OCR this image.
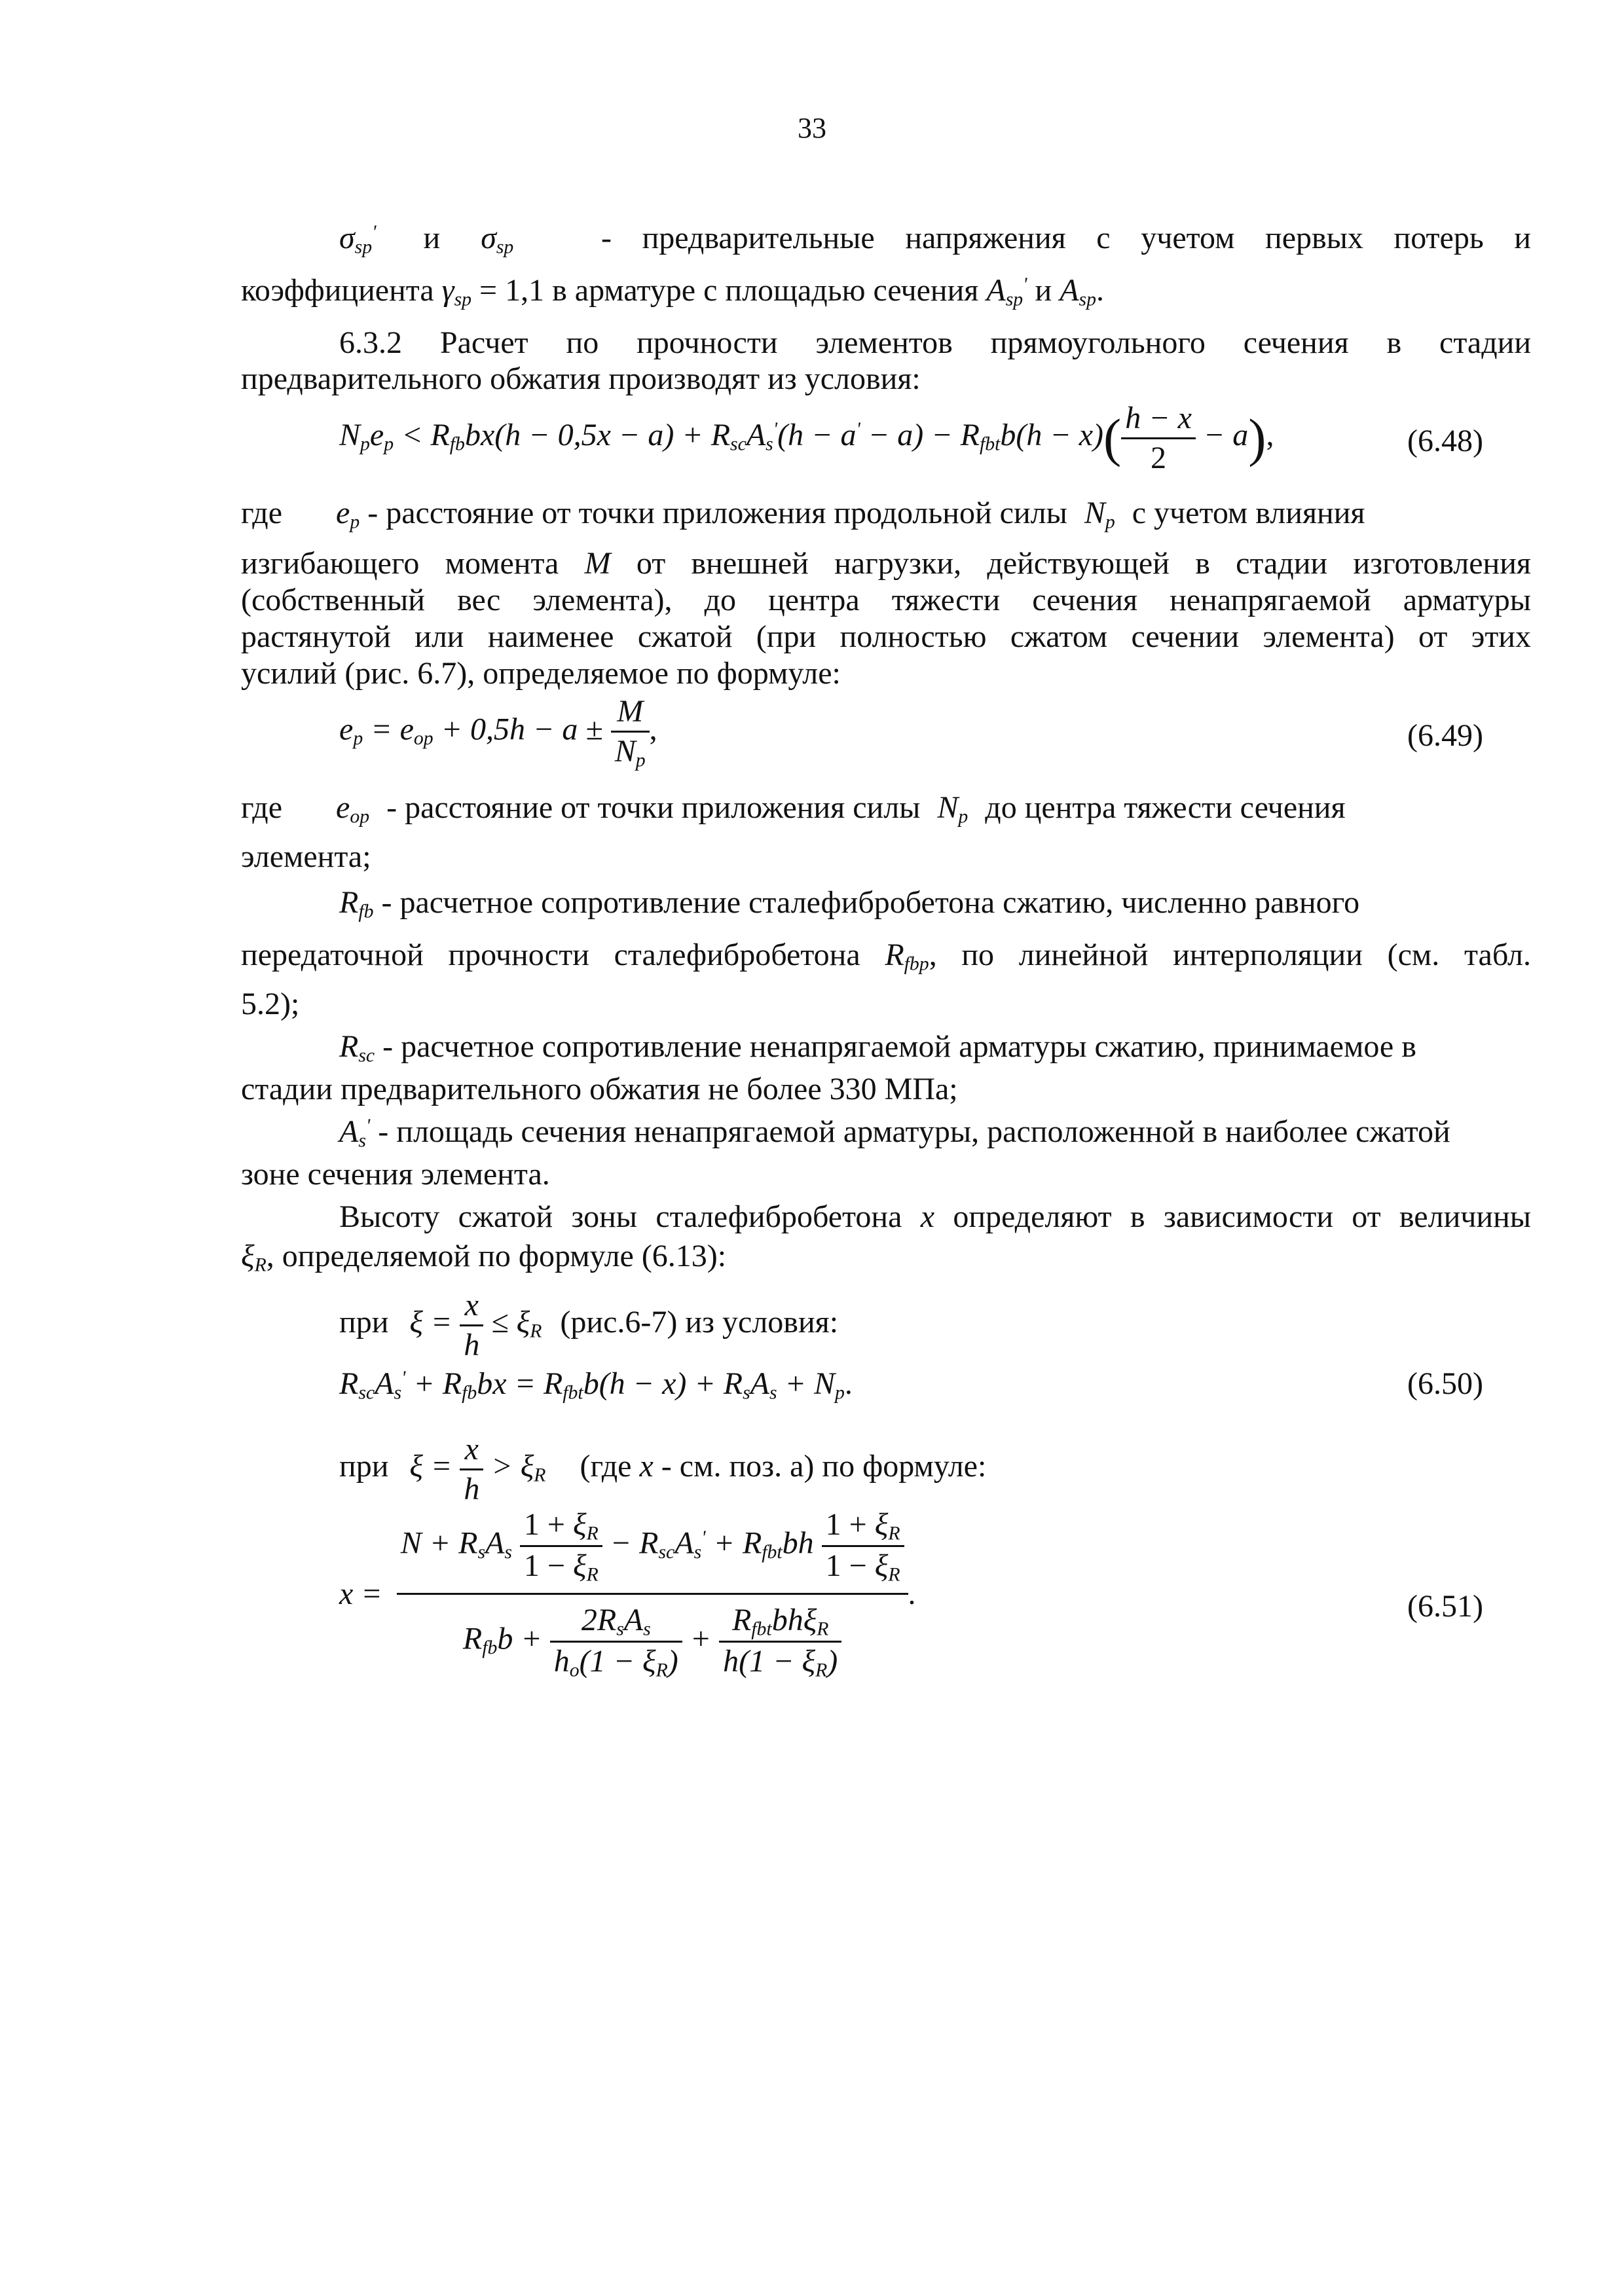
33
$\sigma_{sp}'$ и $\sigma_{sp}$	- предварительные напряжения с учетом первых потерь и
коэффициента $\gamma_{sp} = 1,1$ в арматуре с площадью сечения $A_{sp}'$ и $A_{sp}$.
6.3.2 Расчет по прочности элементов прямоугольного сечения в стадии
предварительного обжатия производят из условия:
$N_pe_p < R_{fb}bx(h - 0,5x - a) + R_{sc}A_s'(h - a' - a) - R_{fbt}b(h - x)( \frac{h - x}{2} - a)$,	(6.48)
где $e_p$ - расстояние от точки приложения продольной силы $N_p$ с учетом влияния
изгибающего момента M от внешней нагрузки, действующей в стадии изготовления
(собственный вес элемента), до центра тяжести сечения ненапрягаемой арматуры
растянутой или наименее сжатой (при полностью сжатом сечении элемента) от этих
усилий (рис. 6.7), определяемое по формуле:
$e_p = e_{op} + 0,5h - a \pm \frac{M}{N_p}$ ,	(6.49)
где $e_{op}$ - расстояние от точки приложения силы $N_p$ до центра тяжести сечения
элемента;
$R_{fb}$ - расчетное сопротивление сталефибробетона сжатию, численно равного
передаточной прочности сталефибробетона $R_{fbp}$, по линейной интерполяции (см. табл.
5.2);
$R_{sc}$ - расчетное сопротивление ненапрягаемой арматуры сжатию, принимаемое в
стадии предварительного обжатия не более 330 МПа;
$A_s'$ - площадь сечения ненапрягаемой арматуры, расположенной в наиболее сжатой
зоне сечения элемента.
Высоту сжатой зоны сталефибробетона x определяют в зависимости от величины
$\xi_R$, определяемой по формуле (6.13):
при $\xi = \frac{x}{h} \le \xi_R$ (рис.6-7) из условия:
$R_{sc}A_s' + R_{fb}bx = R_{fbt}b(h - x) + R_sA_s + N_p$.	(6.50)
при $\xi = \frac{x}{h} > \xi_R$ (где x - см. поз. а) по формуле:
$x = \frac{N + R_sA_s \frac{1 + \xi_R}{1 - \xi_R} - R_{sc}A_s' + R_{fbt}bh \frac{1 + \xi_R}{1 - \xi_R}}{R_{fb}b + \frac{2R_sA_s}{h_o(1 - \xi_R)} + \frac{R_{fbt}bh\xi_R}{h(1 - \xi_R)}}$ .	(6.51)
